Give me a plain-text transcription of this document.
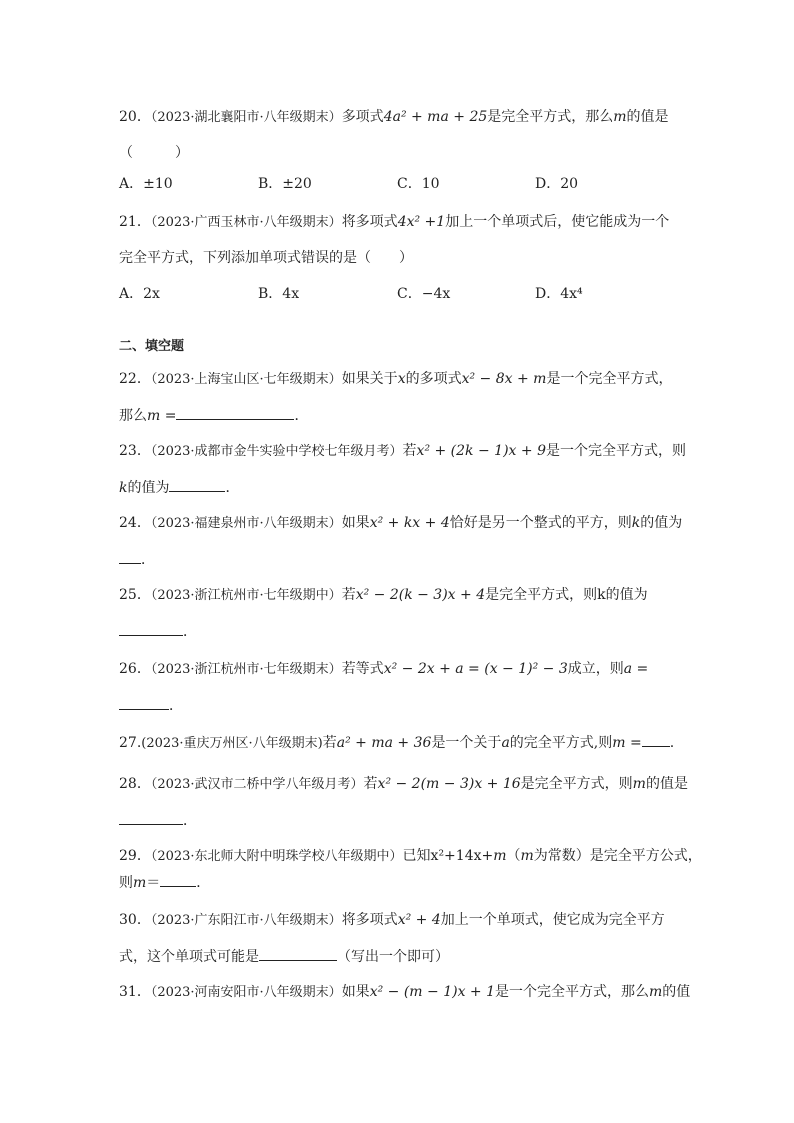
20．（2023·湖北襄阳市·八年级期末）多项式4a² + ma + 25是完全平方式，那么m的值是
（　　　）
A．±10	B．±20	C．10	D．20
21．（2023·广西玉林市·八年级期末）将多项式4x² +1加上一个单项式后，使它能成为一个
完全平方式，下列添加单项式错误的是（　　）
A．2x	B．4x	C．−4x	D．4x⁴
二、填空题
22．（2023·上海宝山区·七年级期末）如果关于x的多项式x² − 8x + m是一个完全平方式，
那么m =	．
23．（2023·成都市金牛实验中学校七年级月考）若x² + (2k − 1)x + 9是一个完全平方式，则
k的值为	．
24．（2023·福建泉州市·八年级期末）如果x² + kx + 4恰好是另一个整式的平方，则k的值为
．
25．（2023·浙江杭州市·七年级期中）若x² − 2(k − 3)x + 4是完全平方式，则k的值为
．
26．（2023·浙江杭州市·七年级期末）若等式x² − 2x + a = (x − 1)² − 3成立，则a =
．
27.(2023·重庆万州区·八年级期末)若a² + ma + 36是一个关于a的完全平方式,则m = .
28．（2023·武汉市二桥中学八年级月考）若x² − 2(m − 3)x + 16是完全平方式，则m的值是
．
29．（2023·东北师大附中明珠学校八年级期中）已知x²+14x+m（m为常数）是完全平方公式，
则m＝	．
30．（2023·广东阳江市·八年级期末）将多项式x² + 4加上一个单项式，使它成为完全平方
式，这个单项式可能是	（写出一个即可）
31．（2023·河南安阳市·八年级期末）如果x² − (m − 1)x + 1是一个完全平方式，那么m的值
